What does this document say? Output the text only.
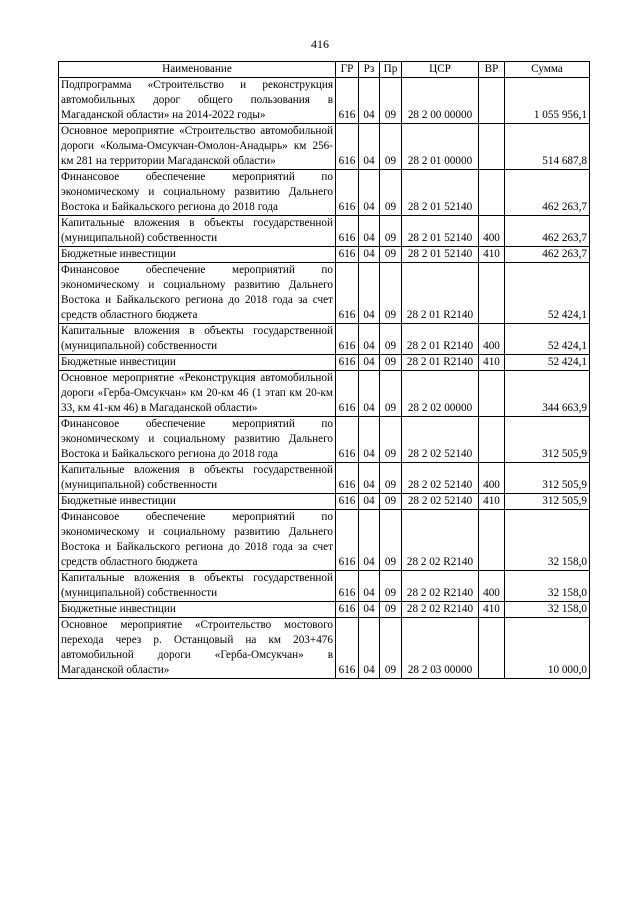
416
Наименование	ГР	Рз	Пр	ЦСР	ВР	Сумма
Подпрограмма «Строительство и реконструкция автомобильных дорог общего пользования в Магаданской области» на 2014-2022 годы»	616	04	09	28 2 00 00000		1 055 956,1
Основное мероприятие «Строительство автомобильной дороги «Колыма-Омсукчан-Омолон-Анадырь» км 256-км 281 на территории Магаданской области»	616	04	09	28 2 01 00000		514 687,8
Финансовое обеспечение мероприятий по экономическому и социальному развитию Дальнего Востока и Байкальского региона до 2018 года	616	04	09	28 2 01 52140		462 263,7
Капитальные вложения в объекты государственной (муниципальной) собственности	616	04	09	28 2 01 52140	400	462 263,7
Бюджетные инвестиции	616	04	09	28 2 01 52140	410	462 263,7
Финансовое обеспечение мероприятий по экономическому и социальному развитию Дальнего Востока и Байкальского региона до 2018 года за счет средств областного бюджета	616	04	09	28 2 01 R2140		52 424,1
Капитальные вложения в объекты государственной (муниципальной) собственности	616	04	09	28 2 01 R2140	400	52 424,1
Бюджетные инвестиции	616	04	09	28 2 01 R2140	410	52 424,1
Основное мероприятие «Реконструкция автомобильной дороги «Герба-Омсукчан» км 20-км 46 (1 этап км 20-км 33, км 41-км 46) в Магаданской области»	616	04	09	28 2 02 00000		344 663,9
Финансовое обеспечение мероприятий по экономическому и социальному развитию Дальнего Востока и Байкальского региона до 2018 года	616	04	09	28 2 02 52140		312 505,9
Капитальные вложения в объекты государственной (муниципальной) собственности	616	04	09	28 2 02 52140	400	312 505,9
Бюджетные инвестиции	616	04	09	28 2 02 52140	410	312 505,9
Финансовое обеспечение мероприятий по экономическому и социальному развитию Дальнего Востока и Байкальского региона до 2018 года за счет средств областного бюджета	616	04	09	28 2 02 R2140		32 158,0
Капитальные вложения в объекты государственной (муниципальной) собственности	616	04	09	28 2 02 R2140	400	32 158,0
Бюджетные инвестиции	616	04	09	28 2 02 R2140	410	32 158,0
Основное мероприятие «Строительство мостового перехода через р. Останцовый на км 203+476 автомобильной дороги «Герба-Омсукчан» в Магаданской области»	616	04	09	28 2 03 00000		10 000,0
